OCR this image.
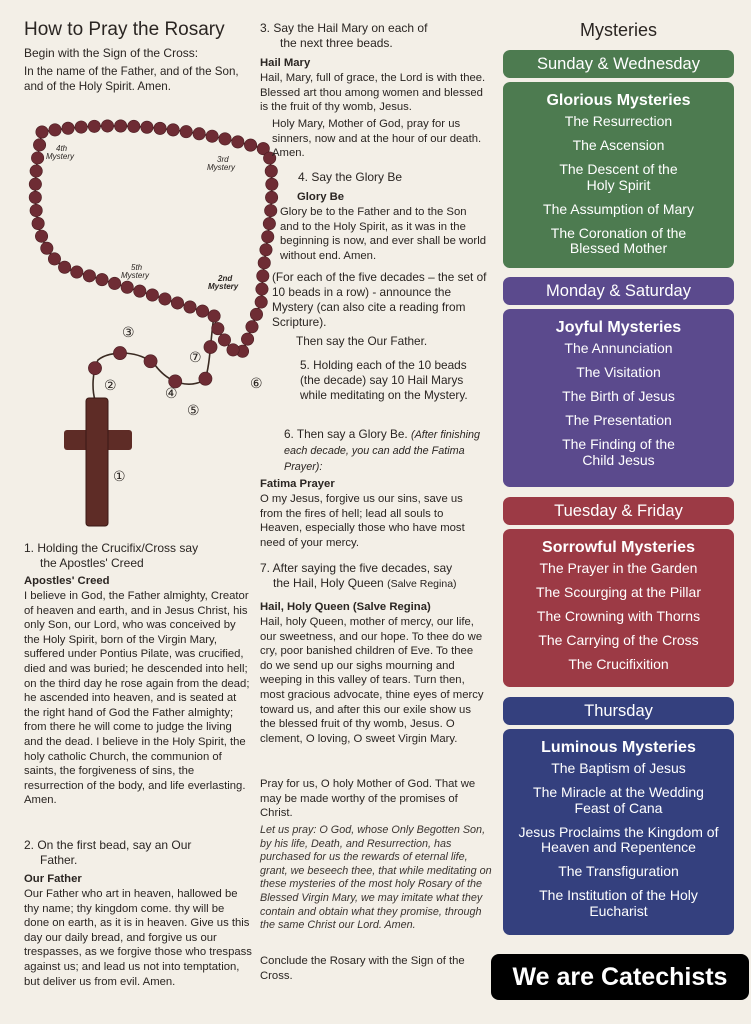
How to Pray the Rosary
Begin with the Sign of the Cross:
In the name of the Father, and of the Son, and of the Holy Spirit. Amen.
4th
Mystery	3rd
Mystery
5th
Mystery	2nd
Mystery
①
②
③
④
⑤
⑥
⑦
1. Holding the Crucifix/Cross say
the Apostles' Creed
Apostles' Creed
I believe in God, the Father almighty, Creator of heaven and earth, and in Jesus Christ, his only Son, our Lord, who was conceived by the Holy Spirit, born of the Virgin Mary, suffered under Pontius Pilate, was crucified, died and was buried; he descended into hell; on the third day he rose again from the dead; he ascended into heaven, and is seated at the right hand of God the Father almighty; from there he will come to judge the living and the dead. I believe in the Holy Spirit, the holy catholic Church, the communion of saints, the forgiveness of sins, the resurrection of the body, and life everlasting. Amen.
2. On the first bead, say an Our
Father.
Our Father
Our Father who art in heaven, hallowed be thy name; thy kingdom come. thy will be done on earth, as it is in heaven. Give us this day our daily bread, and forgive us our trespasses, as we forgive those who trespass against us; and lead us not into temptation, but deliver us from evil. Amen.
3. Say the Hail Mary on each of
the next three beads.
Hail Mary
Hail, Mary, full of grace, the Lord is with thee. Blessed art thou among women and blessed is the fruit of thy womb, Jesus.
Holy Mary, Mother of God, pray for us sinners, now and at the hour of our death. Amen.
4. Say the Glory Be
Glory Be
Glory be to the Father and to the Son and to the Holy Spirit, as it was in the beginning is now, and ever shall be world without end. Amen.
(For each of the five decades – the set of 10 beads in a row) - announce the Mystery (can also cite a reading from Scripture).
Then say the Our Father.
5. Holding each of the 10 beads (the decade) say 10 Hail Marys while meditating on the Mystery.
6. Then say a Glory Be. (After finishing each decade, you can add the Fatima Prayer):
Fatima Prayer
O my Jesus, forgive us our sins, save us from the fires of hell; lead all souls to Heaven, especially those who have most need of your mercy.
7. After saying the five decades, say
the Hail, Holy Queen (Salve Regina)
Hail, Holy Queen (Salve Regina)
Hail, holy Queen, mother of mercy, our life, our sweetness, and our hope. To thee do we cry, poor banished children of Eve. To thee do we send up our sighs mourning and weeping in this valley of tears. Turn then, most gracious advocate, thine eyes of mercy toward us, and after this our exile show us the blessed fruit of thy womb, Jesus. O clement, O loving, O sweet Virgin Mary.
Pray for us, O holy Mother of God. That we may be made worthy of the promises of Christ.
Let us pray: O God, whose Only Begotten Son, by his life, Death, and Resurrection, has purchased for us the rewards of eternal life, grant, we beseech thee, that while meditating on these mysteries of the most holy Rosary of the Blessed Virgin Mary, we may imitate what they contain and obtain what they promise, through the same Christ our Lord. Amen.
Conclude the Rosary with the Sign of the Cross.
Mysteries
Sunday & Wednesday
Glorious Mysteries
The Resurrection
The Ascension
The Descent of the Holy Spirit
The Assumption of Mary
The Coronation of the Blessed Mother
Monday & Saturday
Joyful Mysteries
The Annunciation
The Visitation
The Birth of Jesus
The Presentation
The Finding of the Child Jesus
Tuesday & Friday
Sorrowful Mysteries
The Prayer in the Garden
The Scourging at the Pillar
The Crowning with Thorns
The Carrying of the Cross
The Crucifixition
Thursday
Luminous Mysteries
The Baptism of Jesus
The Miracle at the Wedding Feast of Cana
Jesus Proclaims the Kingdom of Heaven and Repentence
The Transfiguration
The Institution of the Holy Eucharist
We are Catechists
